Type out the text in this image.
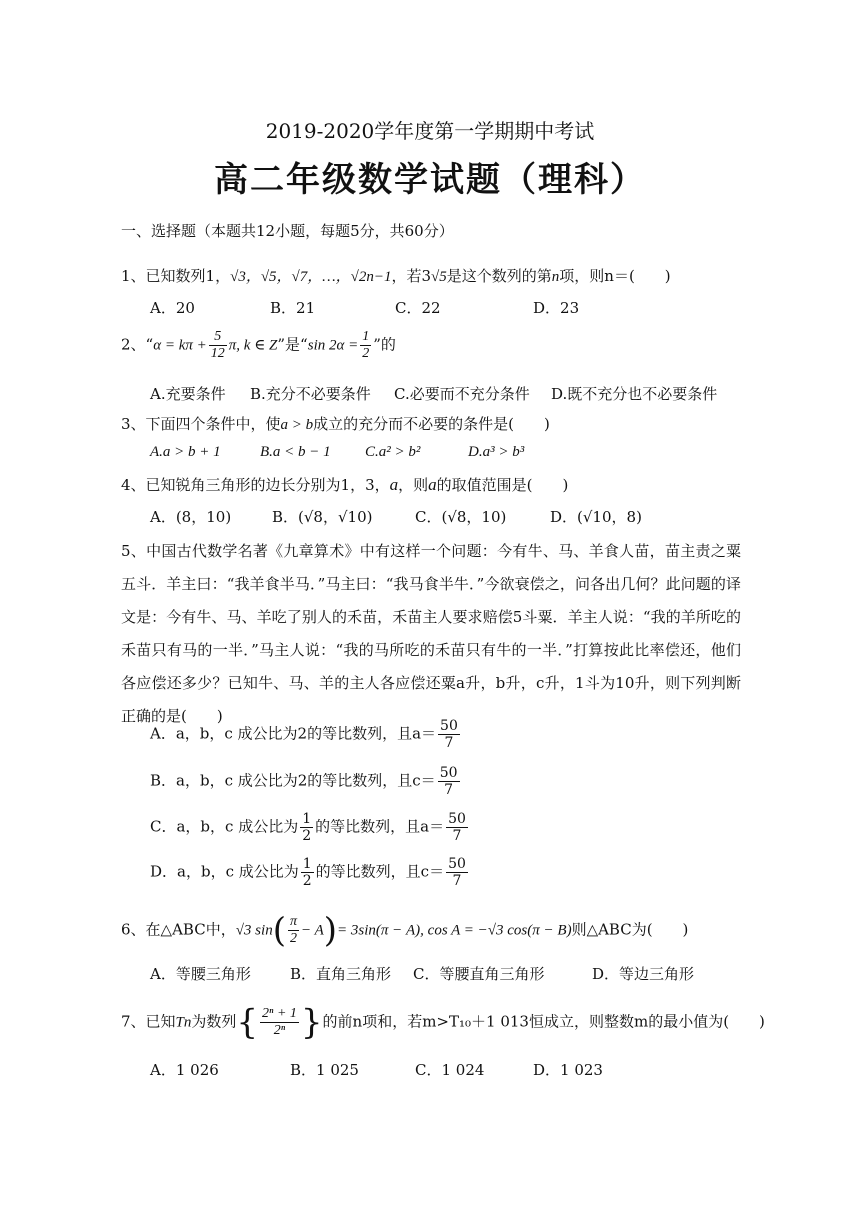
2019-2020学年度第一学期期中考试
高二年级数学试题（理科）
一、选择题（本题共12小题，每题5分，共60分）
1、已知数列1，√3，√5，√7，…，√2n−1，若3√5是这个数列的第n项，则n＝(　　)
A．20	B．21	C．22	D．23
2、“$\alpha = k\pi + \frac{5}{12} \pi$, k ∈ Z”是“sin $2\alpha = \frac{1}{2}$ ”的
A.充要条件 B.充分不必要条件 C.必要而不充分条件 D.既不充分也不必要条件
3、下面四个条件中，使a > b成立的充分而不必要的条件是(　　)
A.a > b + 1	B.a < b − 1 C.a² > b²	D.a³ > b³
4、已知锐角三角形的边长分别为1，3，a，则a的取值范围是(　　)
A．(8，10)	B．(√8，√10)	C．(√8，10)	D．(√10，8)
5、中国古代数学名著《九章算术》中有这样一个问题：今有牛、马、羊食人苗，苗主责之粟五斗．羊主曰：“我羊食半马．”马主曰：“我马食半牛．”今欲衰偿之，问各出几何？此问题的译文是：今有牛、马、羊吃了别人的禾苗，禾苗主人要求赔偿5斗粟．羊主人说：“我的羊所吃的禾苗只有马的一半．”马主人说：“我的马所吃的禾苗只有牛的一半．”打算按此比率偿还，他们各应偿还多少？已知牛、马、羊的主人各应偿还粟a升，b升，c升，1斗为10升，则下列判断正确的是(　　)
A．a，b，c 成公比为2的等比数列，且$a= \frac{50}{7}$
B．a，b，c 成公比为2的等比数列，且$c= \frac{50}{7}$
C．a，b，c 成公比为 $\frac{1}{2}$ 的等比数列，且$a= \frac{50}{7}$
D．a，b，c 成公比为 $\frac{1}{2}$ 的等比数列，且$c= \frac{50}{7}$
6、在△ABC中，√3 $\sin( \frac{\pi}{2} - A)= 3\sin(\pi - A)$, cos A = −√3 cos(π − B)则△ABC为(　　)
A．等腰三角形	B．直角三角形 C．等腰直角三角形	D．等边三角形
7、已知Tn为数列{ $\frac{\text{2ⁿ + 1}}{\text{2ⁿ}}$ }的前n项和，若m>T₁₀＋1 013恒成立，则整数m的最小值为(　　)
A．1 026	B．1 025	C．1 024	D．1 023
